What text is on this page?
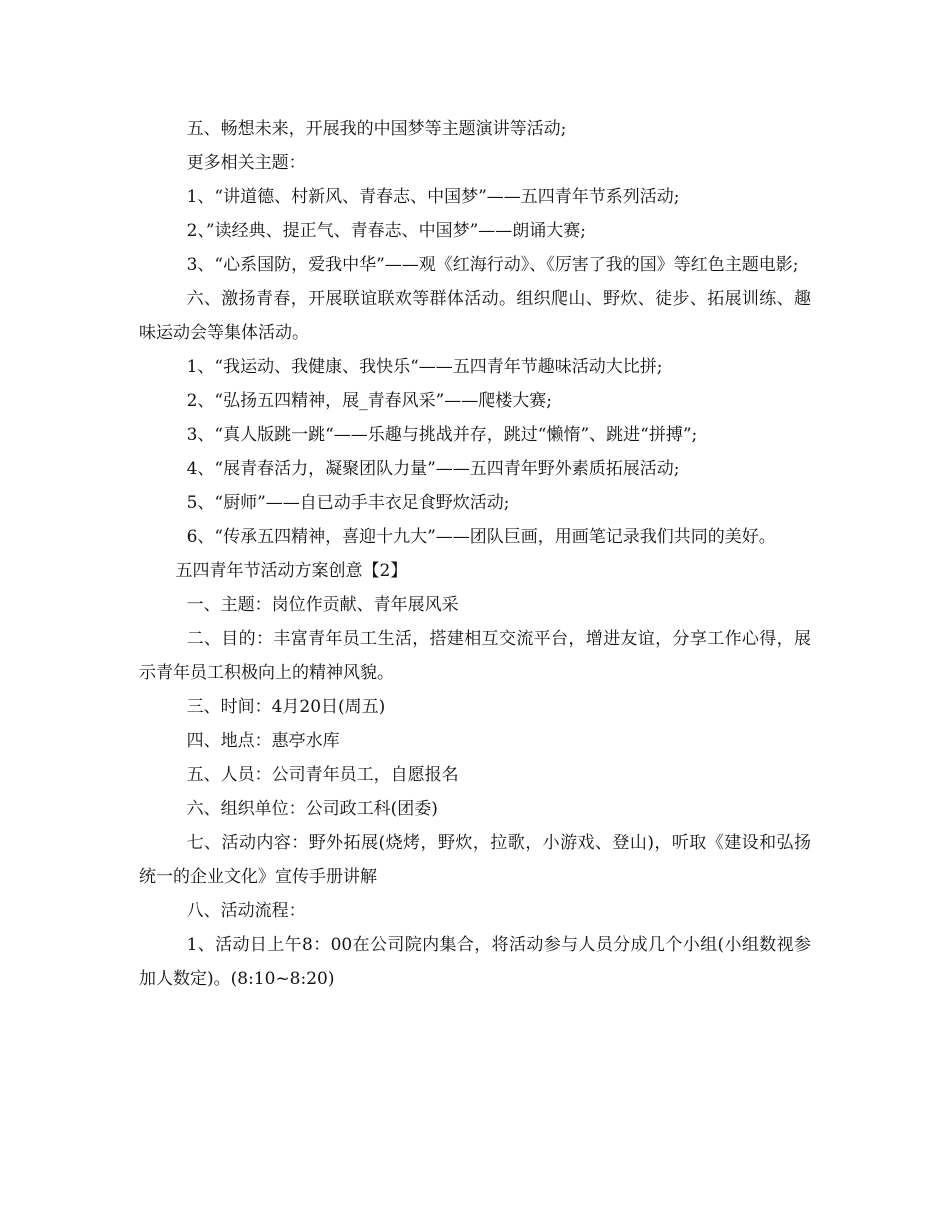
五、畅想未来，开展我的中国梦等主题演讲等活动;

更多相关主题：

1、“讲道德、村新风、青春志、中国梦”——五四青年节系列活动;

2、”读经典、提正气、青春志、中国梦”——朗诵大赛;

3、“心系国防，爱我中华”——观《红海行动》、《厉害了我的国》等红色主题电影;

六、激扬青春，开展联谊联欢等群体活动。组织爬山、野炊、徒步、拓展训练、趣味运动会等集体活动。

1、“我运动、我健康、我快乐“——五四青年节趣味活动大比拼;

2、“弘扬五四精神，展_青春风采”——爬楼大赛;

3、“真人版跳一跳“——乐趣与挑战并存，跳过“懒惰”、跳进“拼搏”;

4、“展青春活力，凝聚团队力量”——五四青年野外素质拓展活动;

5、“厨师”——自已动手丰衣足食野炊活动;

6、“传承五四精神，喜迎十九大”——团队巨画，用画笔记录我们共同的美好。

五四青年节活动方案创意【2】

一、主题：岗位作贡献、青年展风采

二、目的：丰富青年员工生活，搭建相互交流平台，增进友谊，分享工作心得，展示青年员工积极向上的精神风貌。

三、时间：4月20日(周五)

四、地点：惠亭水库

五、人员：公司青年员工，自愿报名

六、组织单位：公司政工科(团委)

七、活动内容：野外拓展(烧烤，野炊，拉歌，小游戏、登山)，听取《建设和弘扬统一的企业文化》宣传手册讲解

八、活动流程：

1、活动日上午8：00在公司院内集合，将活动参与人员分成几个小组(小组数视参加人数定)。(8:10~8:20)
